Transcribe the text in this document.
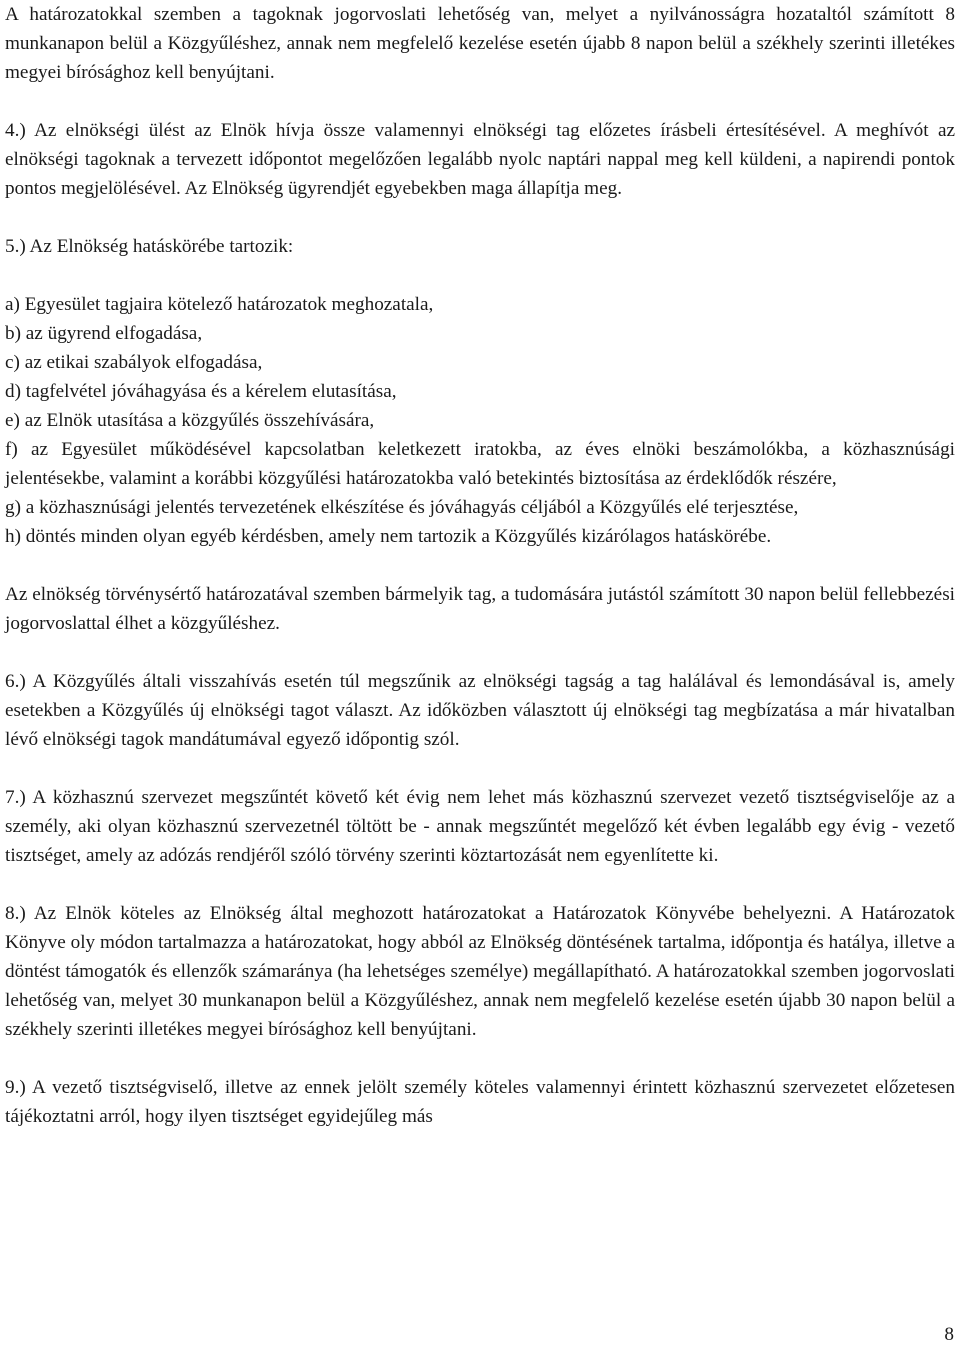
A határozatokkal szemben a tagoknak jogorvoslati lehetőség van, melyet a nyilvánosságra hozataltól számított 8 munkanapon belül a Közgyűléshez, annak nem megfelelő kezelése esetén újabb 8 napon belül a székhely szerinti illetékes megyei bírósághoz kell benyújtani.

4.) Az elnökségi ülést az Elnök hívja össze valamennyi elnökségi tag előzetes írásbeli értesítésével. A meghívót az elnökségi tagoknak a tervezett időpontot megelőzően legalább nyolc naptári nappal meg kell küldeni, a napirendi pontok pontos megjelölésével. Az Elnökség ügyrendjét egyebekben maga állapítja meg.

5.) Az Elnökség hatáskörébe tartozik:

a) Egyesület tagjaira kötelező határozatok meghozatala,

b) az ügyrend elfogadása,

c) az etikai szabályok elfogadása,

d) tagfelvétel jóváhagyása és a kérelem elutasítása,

e) az Elnök utasítása a közgyűlés összehívására,

f) az Egyesület működésével kapcsolatban keletkezett iratokba, az éves elnöki beszámolókba, a közhasznúsági jelentésekbe, valamint a korábbi közgyűlési határozatokba való betekintés biztosítása az érdeklődők részére,

g) a közhasznúsági jelentés tervezetének elkészítése és jóváhagyás céljából a Közgyűlés elé terjesztése,

h) döntés minden olyan egyéb kérdésben, amely nem tartozik a Közgyűlés kizárólagos hatáskörébe.

Az elnökség törvénysértő határozatával szemben bármelyik tag, a tudomására jutástól számított 30 napon belül fellebbezési jogorvoslattal élhet a közgyűléshez.

6.) A Közgyűlés általi visszahívás esetén túl megszűnik az elnökségi tagság a tag halálával és lemondásával is, amely esetekben a Közgyűlés új elnökségi tagot választ. Az időközben választott új elnökségi tag megbízatása a már hivatalban lévő elnökségi tagok mandátumával egyező időpontig szól.

7.) A közhasznú szervezet megszűntét követő két évig nem lehet más közhasznú szervezet vezető tisztségviselője az a személy, aki olyan közhasznú szervezetnél töltött be - annak megszűntét megelőző két évben legalább egy évig - vezető tisztséget, amely az adózás rendjéről szóló törvény szerinti köztartozását nem egyenlítette ki.

8.) Az Elnök köteles az Elnökség által meghozott határozatokat a Határozatok Könyvébe behelyezni. A Határozatok Könyve oly módon tartalmazza a határozatokat, hogy abból az Elnökség döntésének tartalma, időpontja és hatálya, illetve a döntést támogatók és ellenzők számaránya (ha lehetséges személye) megállapítható. A határozatokkal szemben jogorvoslati lehetőség van, melyet 30 munkanapon belül a Közgyűléshez, annak nem megfelelő kezelése esetén újabb 30 napon belül a székhely szerinti illetékes megyei bírósághoz kell benyújtani.

9.) A vezető tisztségviselő, illetve az ennek jelölt személy köteles valamennyi érintett közhasznú szervezetet előzetesen tájékoztatni arról, hogy ilyen tisztséget egyidejűleg más

8
